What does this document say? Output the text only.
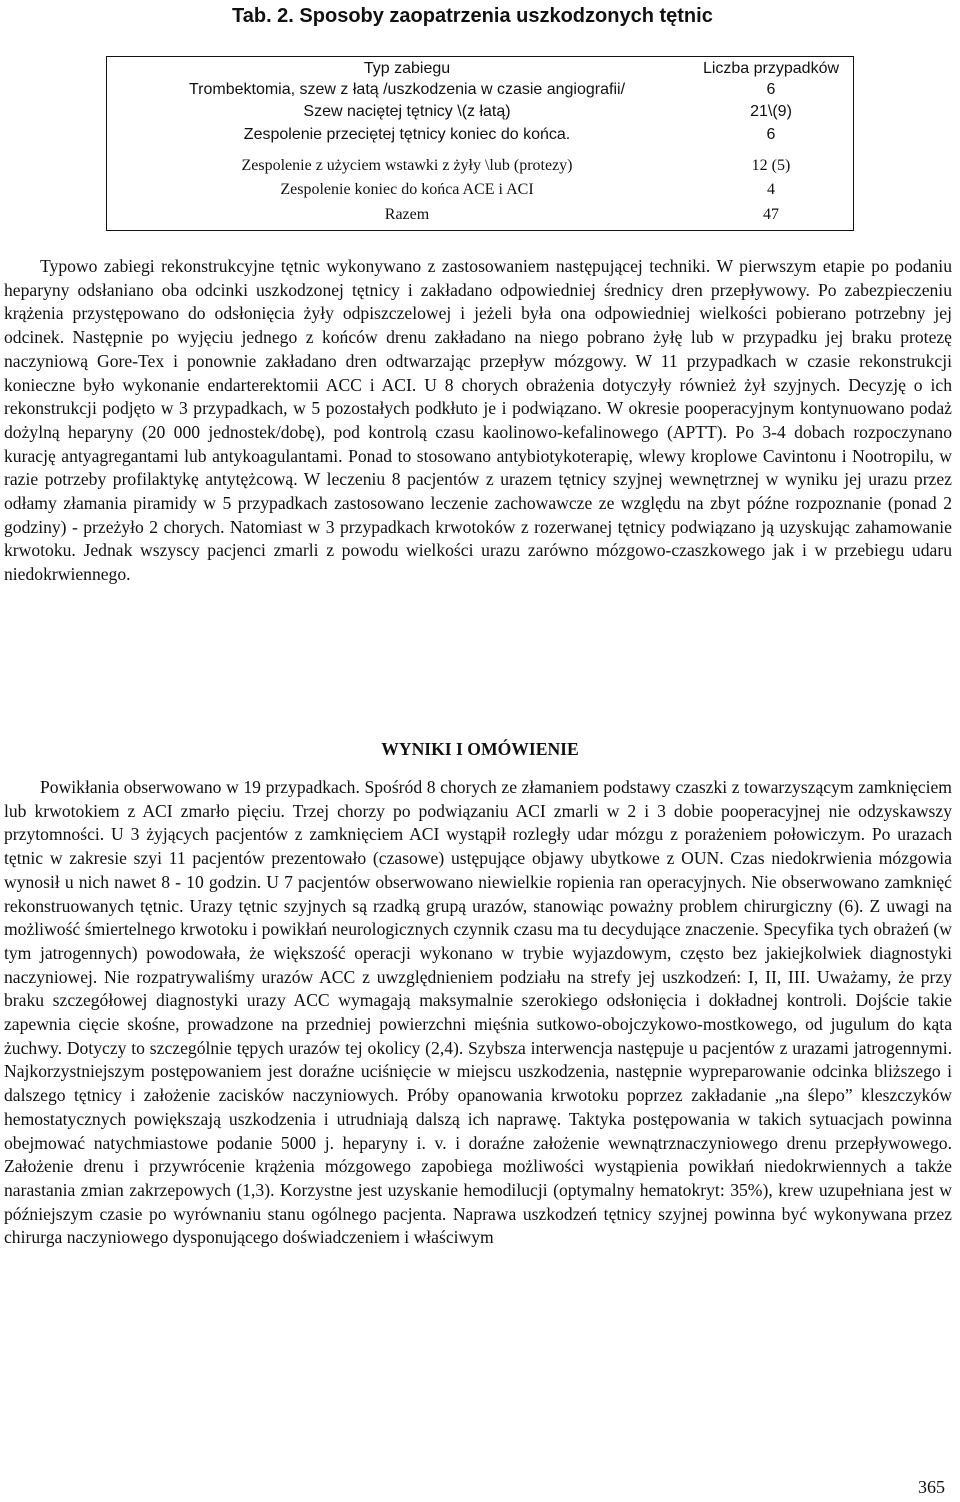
Tab. 2. Sposoby zaopatrzenia uszkodzonych tętnic
Typ zabiegu	Liczba przypadków
Trombektomia, szew z łatą /uszkodzenia w czasie angiografii/	6
Szew naciętej tętnicy \(z łatą)	21\(9)
Zespolenie przeciętej tętnicy koniec do końca.	6
Zespolenie z użyciem wstawki z żyły \lub (protezy)	12 (5)
Zespolenie koniec do końca ACE i ACI	4
Razem	47

Typowo zabiegi rekonstrukcyjne tętnic wykonywano z zastosowaniem następującej techniki. W pierwszym etapie po podaniu heparyny odsłaniano oba odcinki uszkodzonej tętnicy i zakładano odpowiedniej średnicy dren przepływowy. Po zabezpieczeniu krążenia przystępowano do odsłonięcia żyły odpiszczelowej i jeżeli była ona odpowiedniej wielkości pobierano potrzebny jej odcinek. Następnie po wyjęciu jednego z końców drenu zakładano na niego pobrano żyłę lub w przypadku jej braku protezę naczyniową Gore-Tex i ponownie zakładano dren odtwarzając przepływ mózgowy. W 11 przypadkach w czasie rekonstrukcji konieczne było wykonanie endarterektomii ACC i ACI. U 8 chorych obrażenia dotyczyły również żył szyjnych. Decyzję o ich rekonstrukcji podjęto w 3 przypadkach, w 5 pozostałych podkłuto je i podwiązano. W okresie pooperacyjnym kontynuowano podaż dożylną heparyny (20 000 jednostek/dobę), pod kontrolą czasu kaolinowo-kefalinowego (APTT). Po 3-4 dobach rozpoczynano kurację antyagregantami lub antykoagulantami. Ponad to stosowano antybiotykoterapię, wlewy kroplowe Cavintonu i Nootropilu, w razie potrzeby profilaktykę antytężcową. W leczeniu 8 pacjentów z urazem tętnicy szyjnej wewnętrznej w wyniku jej urazu przez odłamy złamania piramidy w 5 przypadkach zastosowano leczenie zachowawcze ze względu na zbyt późne rozpoznanie (ponad 2 godziny) - przeżyło 2 chorych. Natomiast w 3 przypadkach krwotoków z rozerwanej tętnicy podwiązano ją uzyskując zahamowanie krwotoku. Jednak wszyscy pacjenci zmarli z powodu wielkości urazu zarówno mózgowo-czaszkowego jak i w przebiegu udaru niedokrwiennego.

WYNIKI I OMÓWIENIE

Powikłania obserwowano w 19 przypadkach. Spośród 8 chorych ze złamaniem podstawy czaszki z towarzyszącym zamknięciem lub krwotokiem z ACI zmarło pięciu. Trzej chorzy po podwiązaniu ACI zmarli w 2 i 3 dobie pooperacyjnej nie odzyskawszy przytomności. U 3 żyjących pacjentów z zamknięciem ACI wystąpił rozległy udar mózgu z porażeniem połowiczym. Po urazach tętnic w zakresie szyi 11 pacjentów prezentowało (czasowe) ustępujące objawy ubytkowe z OUN. Czas niedokrwienia mózgowia wynosił u nich nawet 8 - 10 godzin. U 7 pacjentów obserwowano niewielkie ropienia ran operacyjnych. Nie obserwowano zamknięć rekonstruowanych tętnic. Urazy tętnic szyjnych są rzadką grupą urazów, stanowiąc poważny problem chirurgiczny (6). Z uwagi na możliwość śmiertelnego krwotoku i powikłań neurologicznych czynnik czasu ma tu decydujące znaczenie. Specyfika tych obrażeń (w tym jatrogennych) powodowała, że większość operacji wykonano w trybie wyjazdowym, często bez jakiejkolwiek diagnostyki naczyniowej. Nie rozpatrywaliśmy urazów ACC z uwzględnieniem podziału na strefy jej uszkodzeń: I, II, III. Uważamy, że przy braku szczegółowej diagnostyki urazy ACC wymagają maksymalnie szerokiego odsłonięcia i dokładnej kontroli. Dojście takie zapewnia cięcie skośne, prowadzone na przedniej powierzchni mięśnia sutkowo-obojczykowo-mostkowego, od jugulum do kąta żuchwy. Dotyczy to szczególnie tępych urazów tej okolicy (2,4). Szybsza interwencja następuje u pacjentów z urazami jatrogennymi. Najkorzystniejszym postępowaniem jest doraźne uciśnięcie w miejscu uszkodzenia, następnie wypreparowanie odcinka bliższego i dalszego tętnicy i założenie zacisków naczyniowych. Próby opanowania krwotoku poprzez zakładanie „na ślepo” kleszczyków hemostatycznych powiększają uszkodzenia i utrudniają dalszą ich naprawę. Taktyka postępowania w takich sytuacjach powinna obejmować natychmiastowe podanie 5000 j. heparyny i. v. i doraźne założenie wewnątrznaczyniowego drenu przepływowego. Założenie drenu i przywrócenie krążenia mózgowego zapobiega możliwości wystąpienia powikłań niedokrwiennych a także narastania zmian zakrzepowych (1,3). Korzystne jest uzyskanie hemodilucji (optymalny hematokryt: 35%), krew uzupełniana jest w późniejszym czasie po wyrównaniu stanu ogólnego pacjenta. Naprawa uszkodzeń tętnicy szyjnej powinna być wykonywana przez chirurga naczyniowego dysponującego doświadczeniem i właściwym

365
